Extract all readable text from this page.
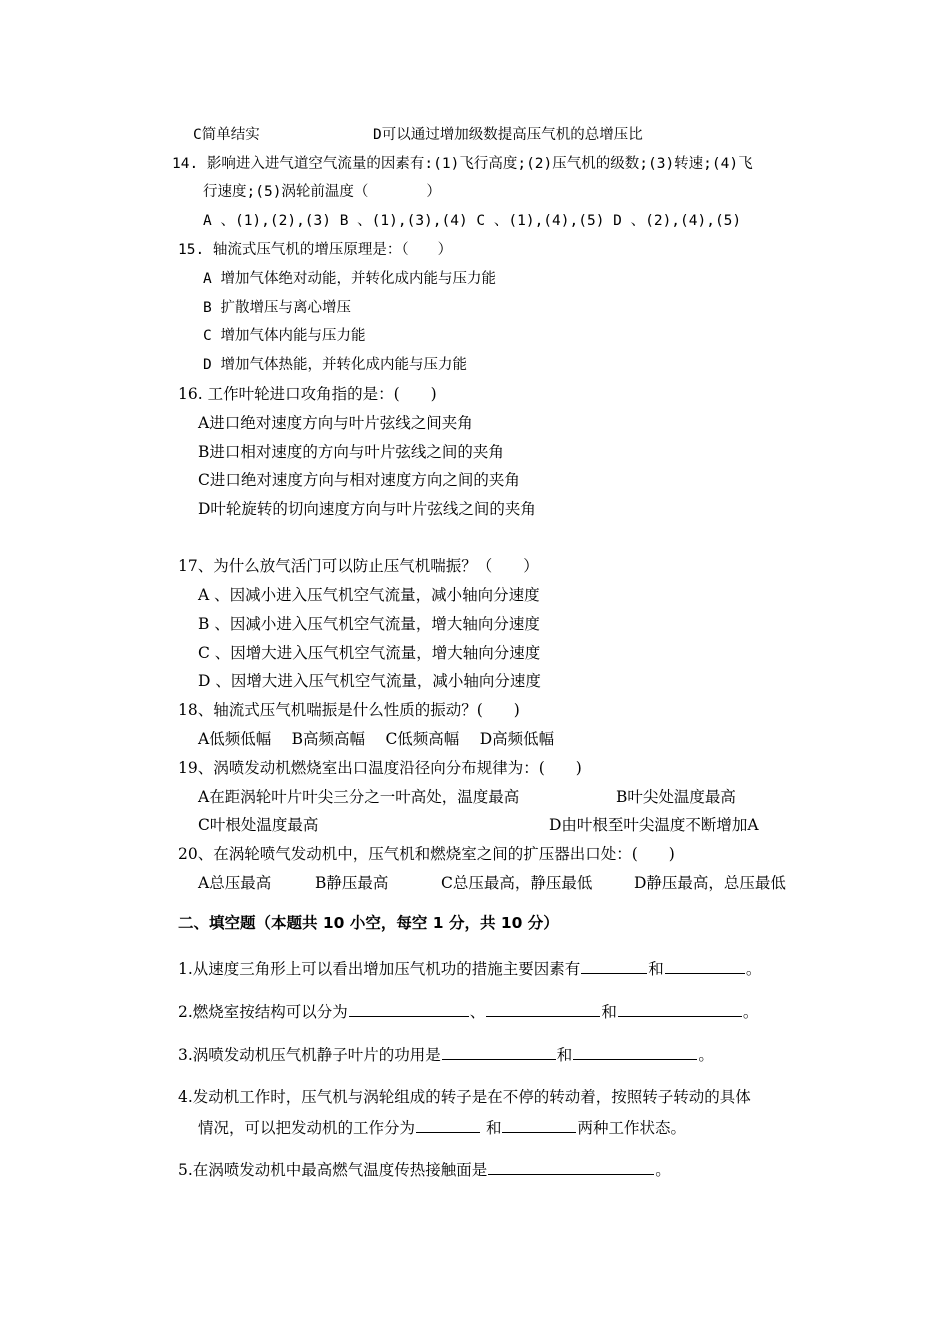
C简单结实	D可以通过增加级数提高压气机的总增压比
14. 影响进入进气道空气流量的因素有:(1)飞行高度;(2)压气机的级数;(3)转速;(4)飞
行速度;(5)涡轮前温度（　　　　）
A 、(1),(2),(3) B 、(1),(3),(4) C 、(1),(4),(5) D 、(2),(4),(5)
15. 轴流式压气机的增压原理是：（　　）
A 增加气体绝对动能，并转化成内能与压力能
B 扩散增压与离心增压
C 增加气体内能与压力能
D 增加气体热能，并转化成内能与压力能
16. 工作叶轮进口攻角指的是：(　　)
A进口绝对速度方向与叶片弦线之间夹角
B进口相对速度的方向与叶片弦线之间的夹角
C进口绝对速度方向与相对速度方向之间的夹角
D叶轮旋转的切向速度方向与叶片弦线之间的夹角
17、为什么放气活门可以防止压气机喘振？（　　）
A 、因减小进入压气机空气流量，减小轴向分速度
B 、因减小进入压气机空气流量，增大轴向分速度
C 、因增大进入压气机空气流量，增大轴向分速度
D 、因增大进入压气机空气流量，减小轴向分速度
18、轴流式压气机喘振是什么性质的振动？(　　)
A低频低幅　 B高频高幅　 C低频高幅　 D高频低幅
19、涡喷发动机燃烧室出口温度沿径向分布规律为：(　　)
A在距涡轮叶片叶尖三分之一叶高处，温度最高	B叶尖处温度最高
C叶根处温度最高	D由叶根至叶尖温度不断增加A
20、在涡轮喷气发动机中，压气机和燃烧室之间的扩压器出口处：(　　)
A总压最高	B静压最高	C总压最高，静压最低	D静压最高，总压最低
二、填空题（本题共 10 小空，每空 1 分，共 10 分）
1.从速度三角形上可以看出增加压气机功的措施主要因素有	和	。
2.燃烧室按结构可以分为	、	和	。
3.涡喷发动机压气机静子叶片的功用是	和	。
4.发动机工作时，压气机与涡轮组成的转子是在不停的转动着，按照转子转动的具体
情况，可以把发动机的工作分为	和	两种工作状态。
5.在涡喷发动机中最高燃气温度传热接触面是	。
